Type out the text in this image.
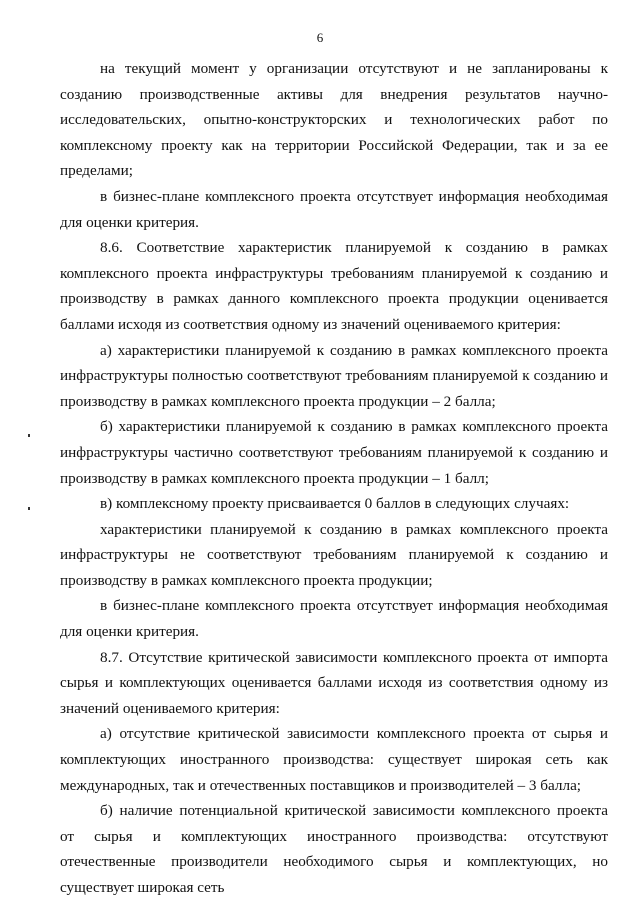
6

на текущий момент у организации отсутствуют и не запланированы к созданию производственные активы для внедрения результатов научно-исследовательских, опытно-конструкторских и технологических работ по комплексному проекту как на территории Российской Федерации, так и за ее пределами;

в бизнес-плане комплексного проекта отсутствует информация необходимая для оценки критерия.

8.6. Соответствие характеристик планируемой к созданию в рамках комплексного проекта инфраструктуры требованиям планируемой к созданию и производству в рамках данного комплексного проекта продукции оценивается баллами исходя из соответствия одному из значений оцениваемого критерия:

а) характеристики планируемой к созданию в рамках комплексного проекта инфраструктуры полностью соответствуют требованиям планируемой к созданию и производству в рамках комплексного проекта продукции – 2 балла;

б) характеристики планируемой к созданию в рамках комплексного проекта инфраструктуры частично соответствуют требованиям планируемой к созданию и производству в рамках комплексного проекта продукции – 1 балл;

в) комплексному проекту присваивается 0 баллов в следующих случаях:

характеристики планируемой к созданию в рамках комплексного проекта инфраструктуры не соответствуют требованиям планируемой к созданию и производству в рамках комплексного проекта продукции;

в бизнес-плане комплексного проекта отсутствует информация необходимая для оценки критерия.

8.7. Отсутствие критической зависимости комплексного проекта от импорта сырья и комплектующих оценивается баллами исходя из соответствия одному из значений оцениваемого критерия:

а) отсутствие критической зависимости комплексного проекта от сырья и комплектующих иностранного производства: существует широкая сеть как международных, так и отечественных поставщиков и производителей – 3 балла;

б) наличие потенциальной критической зависимости комплексного проекта от сырья и комплектующих иностранного производства: отсутствуют отечественные производители необходимого сырья и комплектующих, но существует широкая сеть
